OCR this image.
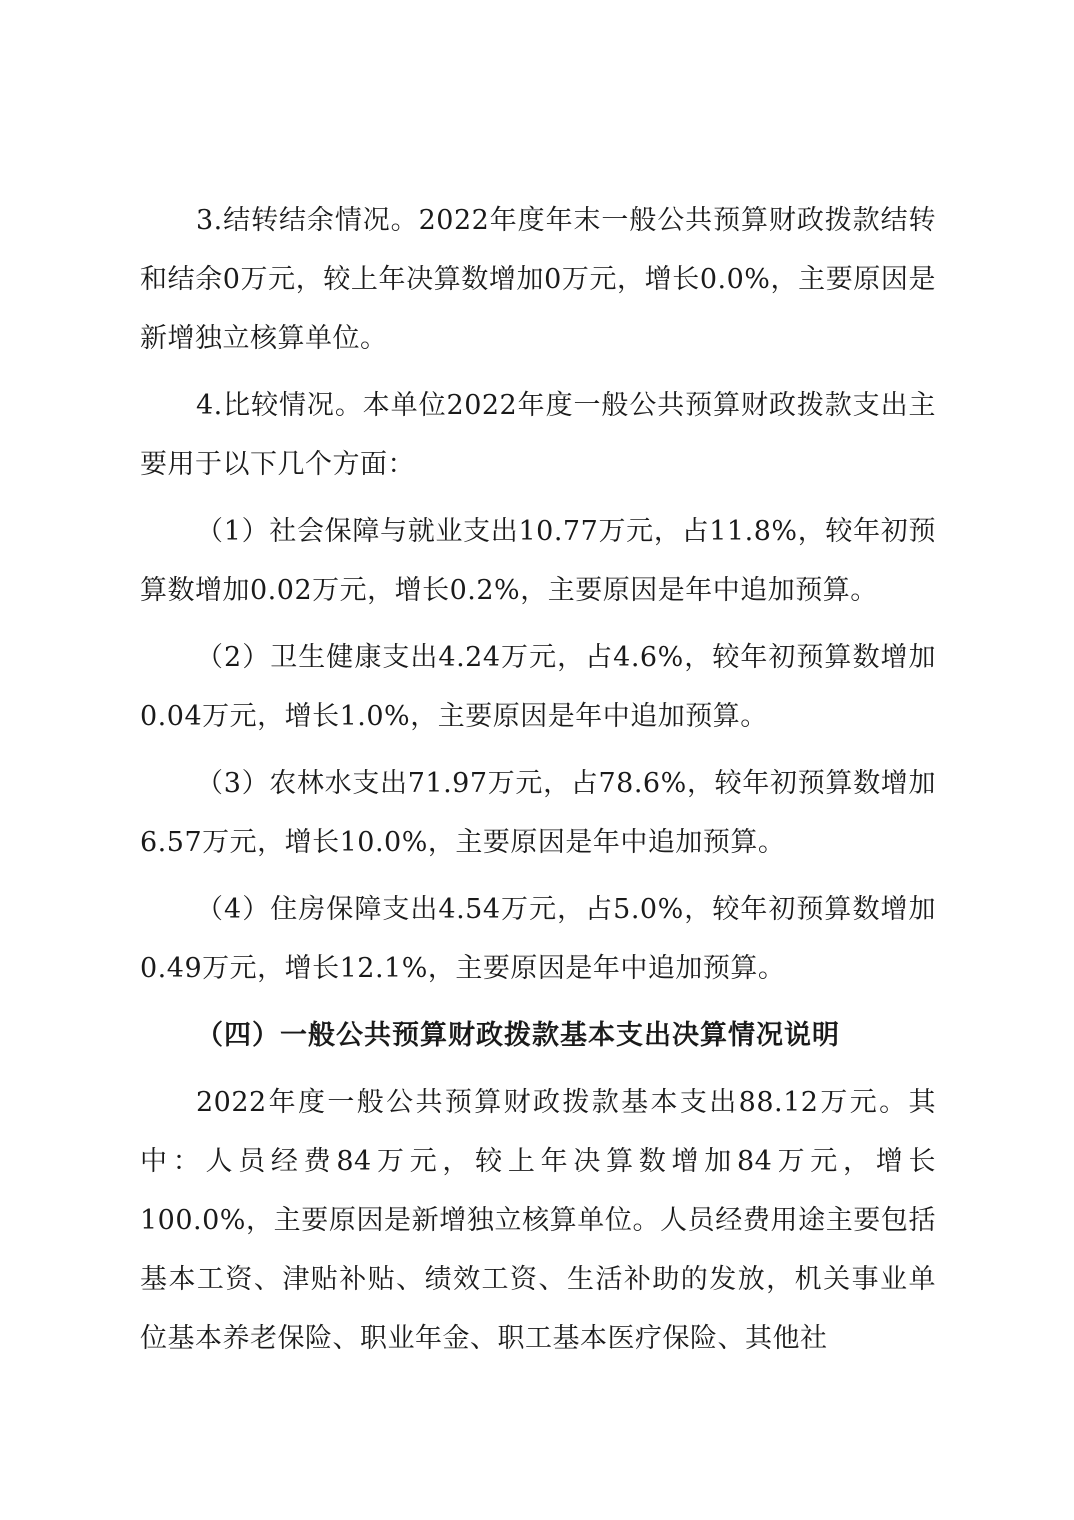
3.结转结余情况。2022年度年末一般公共预算财政拨款结转和结余0万元，较上年决算数增加0万元，增长0.0%，主要原因是新增独立核算单位。

4.比较情况。本单位2022年度一般公共预算财政拨款支出主要用于以下几个方面：

（1）社会保障与就业支出10.77万元，占11.8%，较年初预算数增加0.02万元，增长0.2%，主要原因是年中追加预算。

（2）卫生健康支出4.24万元，占4.6%，较年初预算数增加0.04万元，增长1.0%，主要原因是年中追加预算。

（3）农林水支出71.97万元，占78.6%，较年初预算数增加6.57万元，增长10.0%，主要原因是年中追加预算。

（4）住房保障支出4.54万元，占5.0%，较年初预算数增加0.49万元，增长12.1%，主要原因是年中追加预算。

（四）一般公共预算财政拨款基本支出决算情况说明

2022年度一般公共预算财政拨款基本支出88.12万元。其中：人员经费84万元，较上年决算数增加84万元，增长100.0%，主要原因是新增独立核算单位。人员经费用途主要包括基本工资、津贴补贴、绩效工资、生活补助的发放，机关事业单位基本养老保险、职业年金、职工基本医疗保险、其他社
